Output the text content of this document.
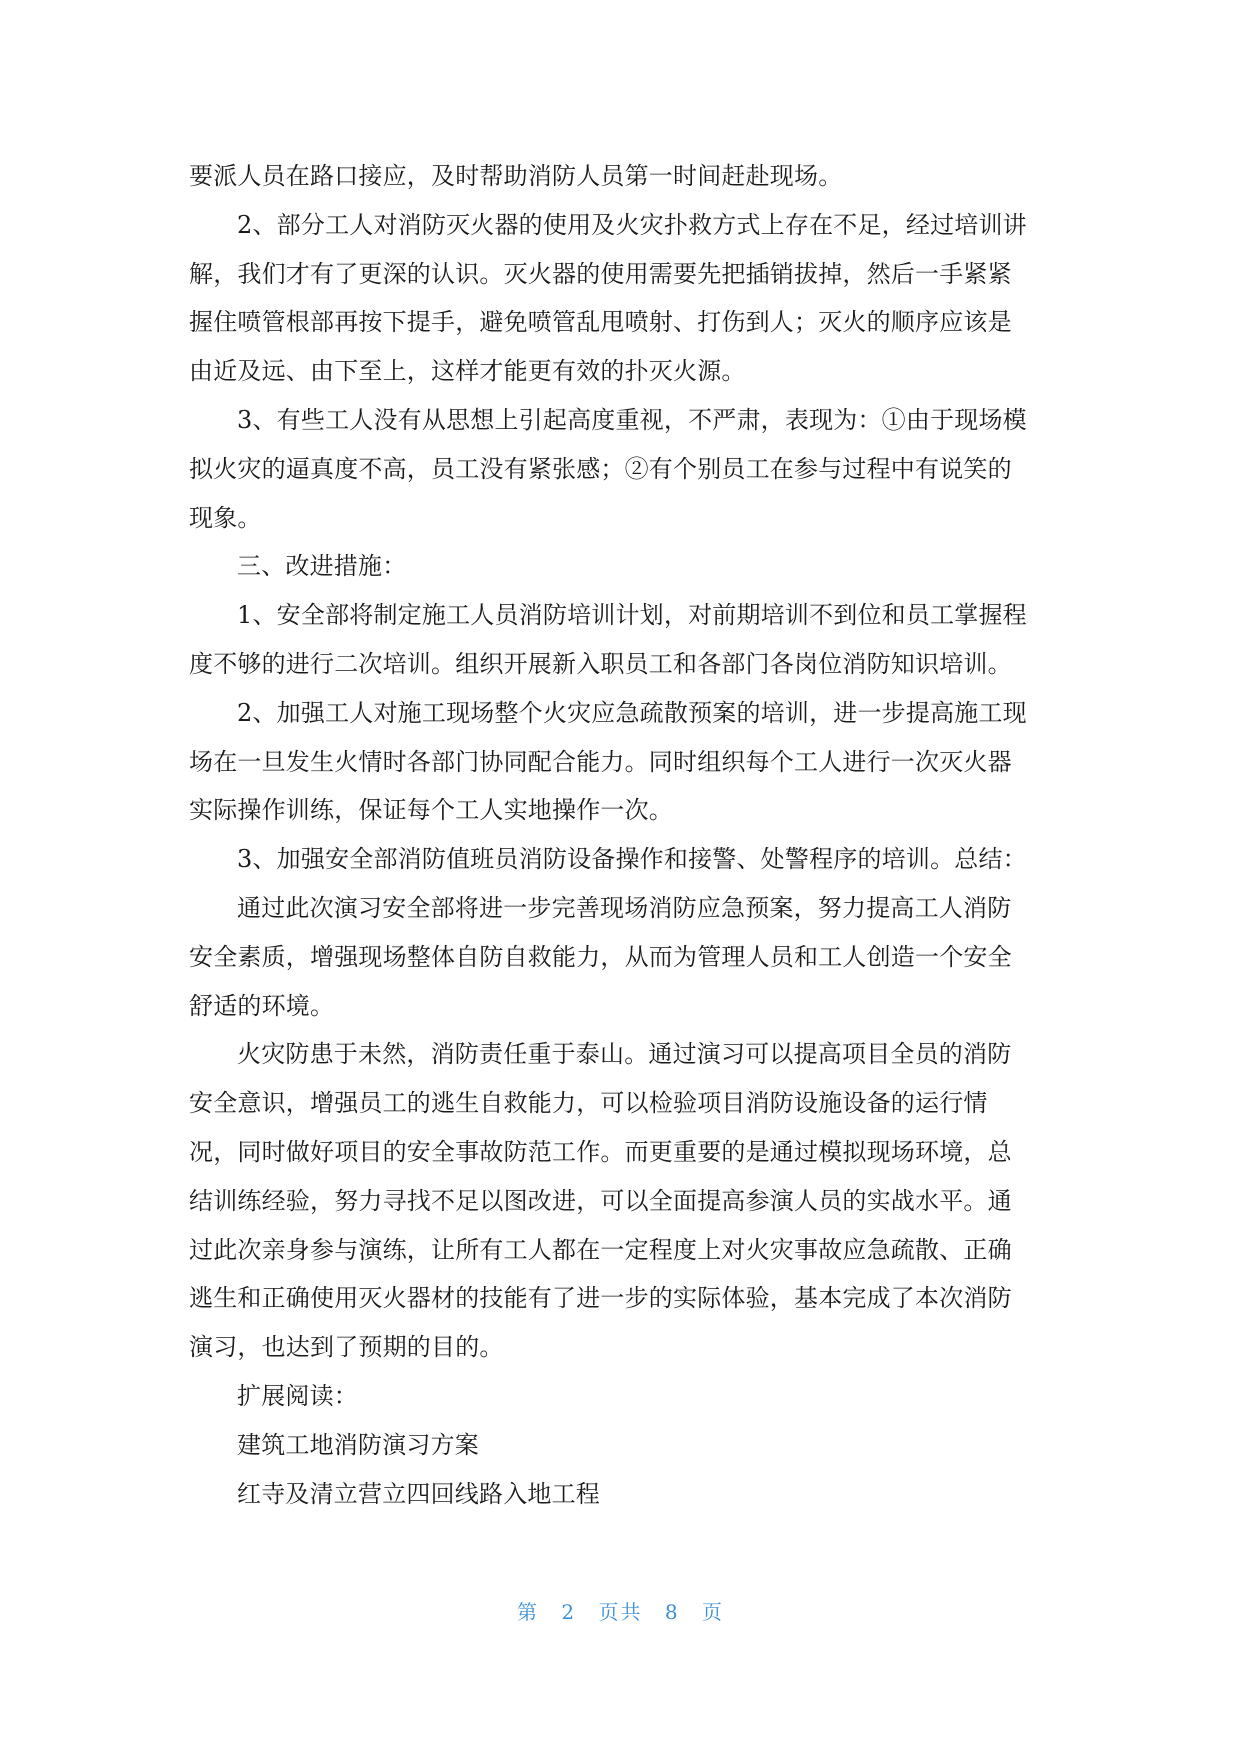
要派人员在路口接应，及时帮助消防人员第一时间赶赴现场。
2、部分工人对消防灭火器的使用及火灾扑救方式上存在不足，经过培训讲
解，我们才有了更深的认识。灭火器的使用需要先把插销拔掉，然后一手紧紧
握住喷管根部再按下提手，避免喷管乱甩喷射、打伤到人；灭火的顺序应该是
由近及远、由下至上，这样才能更有效的扑灭火源。
3、有些工人没有从思想上引起高度重视，不严肃，表现为：①由于现场模
拟火灾的逼真度不高，员工没有紧张感；②有个别员工在参与过程中有说笑的
现象。
三、改进措施：
1、安全部将制定施工人员消防培训计划，对前期培训不到位和员工掌握程
度不够的进行二次培训。组织开展新入职员工和各部门各岗位消防知识培训。
2、加强工人对施工现场整个火灾应急疏散预案的培训，进一步提高施工现
场在一旦发生火情时各部门协同配合能力。同时组织每个工人进行一次灭火器
实际操作训练，保证每个工人实地操作一次。
3、加强安全部消防值班员消防设备操作和接警、处警程序的培训。总结：
通过此次演习安全部将进一步完善现场消防应急预案，努力提高工人消防
安全素质，增强现场整体自防自救能力，从而为管理人员和工人创造一个安全
舒适的环境。
火灾防患于未然，消防责任重于泰山。通过演习可以提高项目全员的消防
安全意识，增强员工的逃生自救能力，可以检验项目消防设施设备的运行情
况，同时做好项目的安全事故防范工作。而更重要的是通过模拟现场环境，总
结训练经验，努力寻找不足以图改进，可以全面提高参演人员的实战水平。通
过此次亲身参与演练，让所有工人都在一定程度上对火灾事故应急疏散、正确
逃生和正确使用灭火器材的技能有了进一步的实际体验，基本完成了本次消防
演习，也达到了预期的目的。
扩展阅读：
建筑工地消防演习方案
红寺及清立营立四回线路入地工程
第 2 页共 8 页
